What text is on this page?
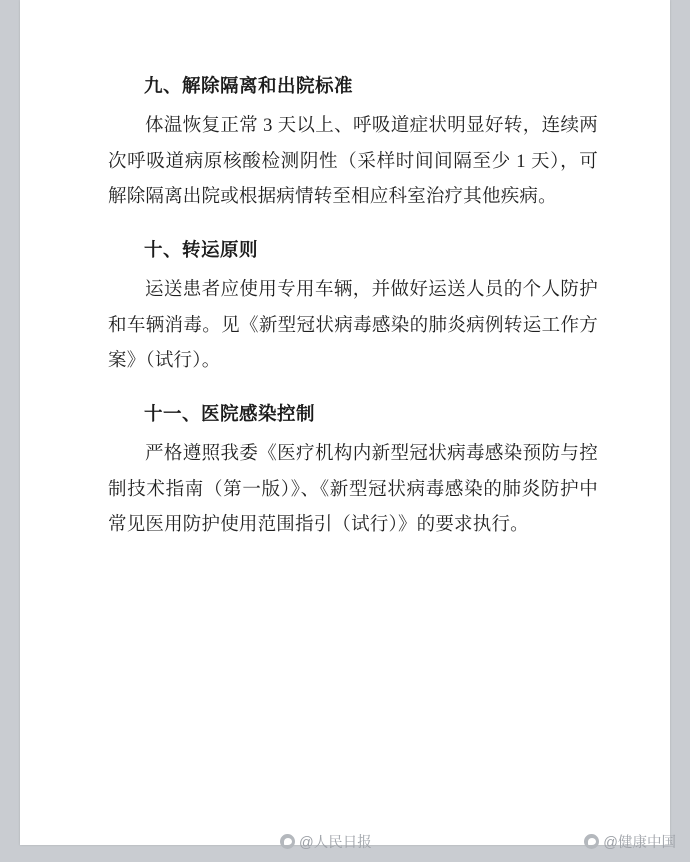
九、解除隔离和出院标准

体温恢复正常 3 天以上、呼吸道症状明显好转，连续两次呼吸道病原核酸检测阴性（采样时间间隔至少 1 天），可解除隔离出院或根据病情转至相应科室治疗其他疾病。

十、转运原则

运送患者应使用专用车辆，并做好运送人员的个人防护和车辆消毒。见《新型冠状病毒感染的肺炎病例转运工作方案》（试行）。

十一、医院感染控制

严格遵照我委《医疗机构内新型冠状病毒感染预防与控制技术指南（第一版）》、《新型冠状病毒感染的肺炎防护中常见医用防护使用范围指引（试行）》的要求执行。

@人民日报	@健康中国
